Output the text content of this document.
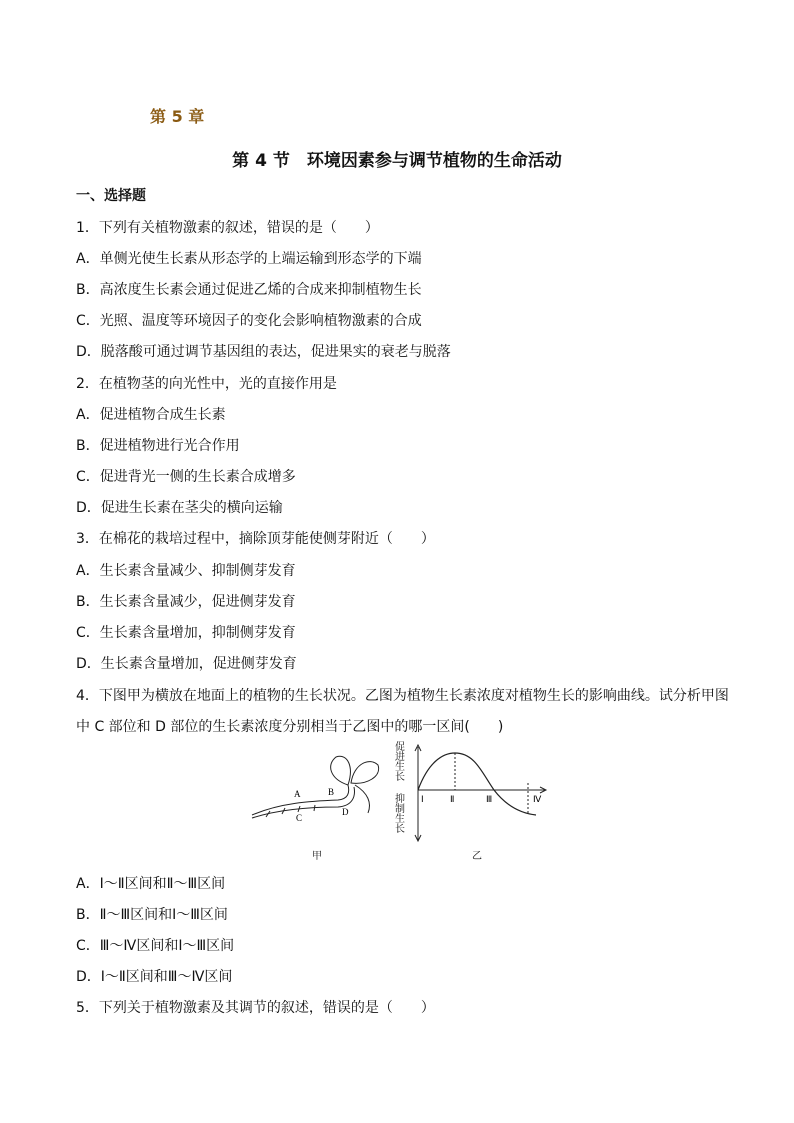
第 5 章
第 4 节　环境因素参与调节植物的生命活动
一、选择题
1．下列有关植物激素的叙述，错误的是（　　）
A．单侧光使生长素从形态学的上端运输到形态学的下端
B．高浓度生长素会通过促进乙烯的合成来抑制植物生长
C．光照、温度等环境因子的变化会影响植物激素的合成
D．脱落酸可通过调节基因组的表达，促进果实的衰老与脱落
2．在植物茎的向光性中，光的直接作用是
A．促进植物合成生长素
B．促进植物进行光合作用
C．促进背光一侧的生长素合成增多
D．促进生长素在茎尖的横向运输
3．在棉花的栽培过程中，摘除顶芽能使侧芽附近（　　）
A．生长素含量减少、抑制侧芽发育
B．生长素含量减少，促进侧芽发育
C．生长素含量增加，抑制侧芽发育
D．生长素含量增加，促进侧芽发育
4．下图甲为横放在地面上的植物的生长状况。乙图为植物生长素浓度对植物生长的影响曲线。试分析甲图
中 C 部位和 D 部位的生长素浓度分别相当于乙图中的哪一区间(　　)
A	B
C
D
Ⅰ	Ⅱ	Ⅲ	Ⅳ
促进生长
抑制生长
甲	乙
A．Ⅰ～Ⅱ区间和Ⅱ～Ⅲ区间
B．Ⅱ～Ⅲ区间和Ⅰ～Ⅲ区间
C．Ⅲ～Ⅳ区间和Ⅰ～Ⅲ区间
D．Ⅰ～Ⅱ区间和Ⅲ～Ⅳ区间
5．下列关于植物激素及其调节的叙述，错误的是（　　）
